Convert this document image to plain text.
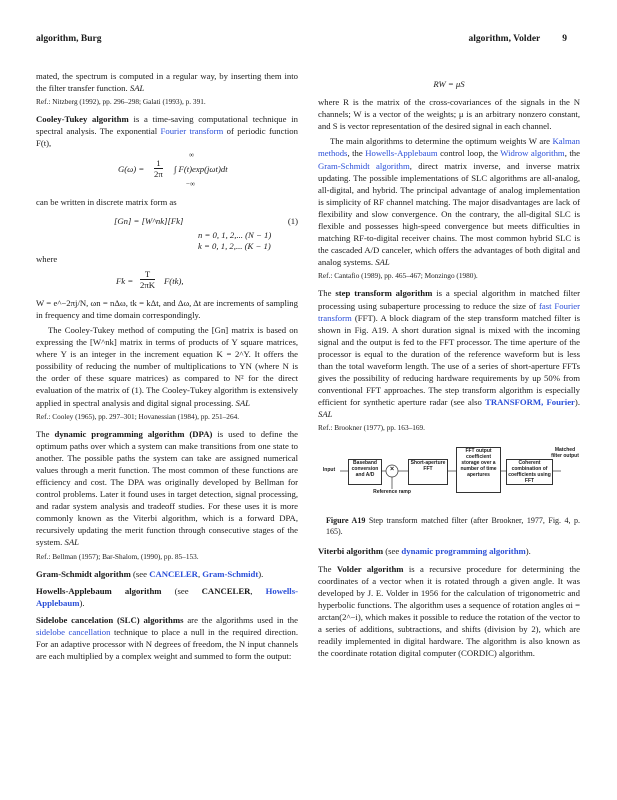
algorithm, Burg	algorithm, Volder 9

mated, the spectrum is computed in a regular way, by inserting them into the filter transfer function. SAL

Ref.: Nitzberg (1992), pp. 296–298; Galati (1993), p. 391.

Cooley-Tukey algorithm is a time-saving computational technique in spectral analysis. The exponential Fourier transform of periodic function F(t),

∞
$G(\omega) = \frac{1}{2\pi}$ ∫ F(t)exp(jωt)dt
−∞

can be written in discrete matrix form as

[Gn] = [W^nk][Fk]	(1)
n = 0, 1, 2,... (N − 1)
k = 0, 1, 2,... (K − 1)

where

$Fk = \frac{T}{2\pi K} F(tk)$,

W = e^−2πj/N, ωn = nΔω, tk = kΔt, and Δω, Δt are increments of sampling in frequency and time domain correspondingly.

The Cooley-Tukey method of computing the [Gn] matrix is based on expressing the [W^nk] matrix in terms of products of Y square matrices, where Y is an integer in the increment equation K = 2^Y. It offers the possibility of reducing the number of multiplications to YN (where N is the order of these square matrices) as compared to N² for the direct evaluation of the matrix of (1). The Cooley-Tukey algorithm is extensively applied in spectral analysis and digital signal processing. SAL

Ref.: Cooley (1965), pp. 297–301; Hovanessian (1984), pp. 251–264.

The dynamic programming algorithm (DPA) is used to define the optimum paths over which a system can make transitions from one state to another. The possible paths the system can take are assigned numerical values through a merit function. The most common of these functions are efficiency and cost. The DPA was originally developed by Bellman for control problems. Later it found uses in target detection, signal processing, and radar system analysis and tradeoff studies. For these uses it is more commonly known as the Viterbi algorithm, which is a forward DPA, recursively updating the merit function through consecutive stages of the system. SAL

Ref.: Bellman (1957); Bar-Shalom, (1990), pp. 85–153.

Gram-Schmidt algorithm (see CANCELER, Gram-Schmidt).

Howells-Applebaum algorithm (see CANCELER, Howells-Applebaum).

Sidelobe cancelation (SLC) algorithms are the algorithms used in the sidelobe cancellation technique to place a null in the required direction. For an adaptive processor with N degrees of freedom, the N input channels are each multiplied by a complex weight and summed to form the output:

RW = μS

where R is the matrix of the cross-covariances of the signals in the N channels; W is a vector of the weights; μ is an arbitrary nonzero constant, and S is vector representation of the desired signal in each channel.

The main algorithms to determine the optimum weights W are Kalman methods, the Howells-Applebaum control loop, the Widrow algorithm, the Gram-Schmidt algorithm, direct matrix inverse, and inverse matrix updating. The possible implementations of SLC algorithms are all-analog, all-digital, and hybrid. The principal advantage of analog implementation is simplicity of RF channel matching. The major disadvantages are lack of flexibility and slow convergence. On the contrary, the all-digital SLC is flexible and possesses high-speed convergence but meets difficulties in matching RF-to-digital receiver chains. The most common hybrid SLC is the cascaded A/D canceler, which offers the advantages of both digital and analog systems. SAL

Ref.: Cantafio (1989), pp. 465–467; Monzingo (1980).

The step transform algorithm is a special algorithm in matched filter processing using subaperture processing to reduce the size of fast Fourier transform (FFT). A block diagram of the step transform matched filter is shown in Fig. A19. A short duration signal is mixed with the incoming signal and the output is fed to the FFT processor. The time aperture of the processor is equal to the duration of the reference waveform but is less than the total waveform length. The use of a series of short-aperture FFTs gives the possibility of reducing hardware requirements by up 50% from conventional FFT approaches. The step transform algorithm is especially efficient for synthetic aperture radar (see also TRANSFORM, Fourier). SAL

Ref.: Brookner (1977), pp. 163–169.
Input
Baseband conversion and A/D
×
Short-aperture FFT
FFT output coefficient storage over a number of time apertures
Coherent combination of coefficients using FFT
Matched filter output
Reference ramp
Figure A19 Step transform matched filter (after Brookner, 1977, Fig. 4, p. 165).

Viterbi algorithm (see dynamic programming algorithm).

The Volder algorithm is a recursive procedure for determining the coordinates of a vector when it is rotated through a given angle. It was developed by J. E. Volder in 1956 for the calculation of trigonometric and hyperbolic functions. The algorithm uses a sequence of rotation angles αi = arctan(2^−i), which makes it possible to reduce the rotation of the vector to a series of additions, subtractions, and shifts (division by 2), which are readily implemented in digital hardware. The algorithm is also known as the coordinate rotation digital computer (CORDIC) algorithm.
